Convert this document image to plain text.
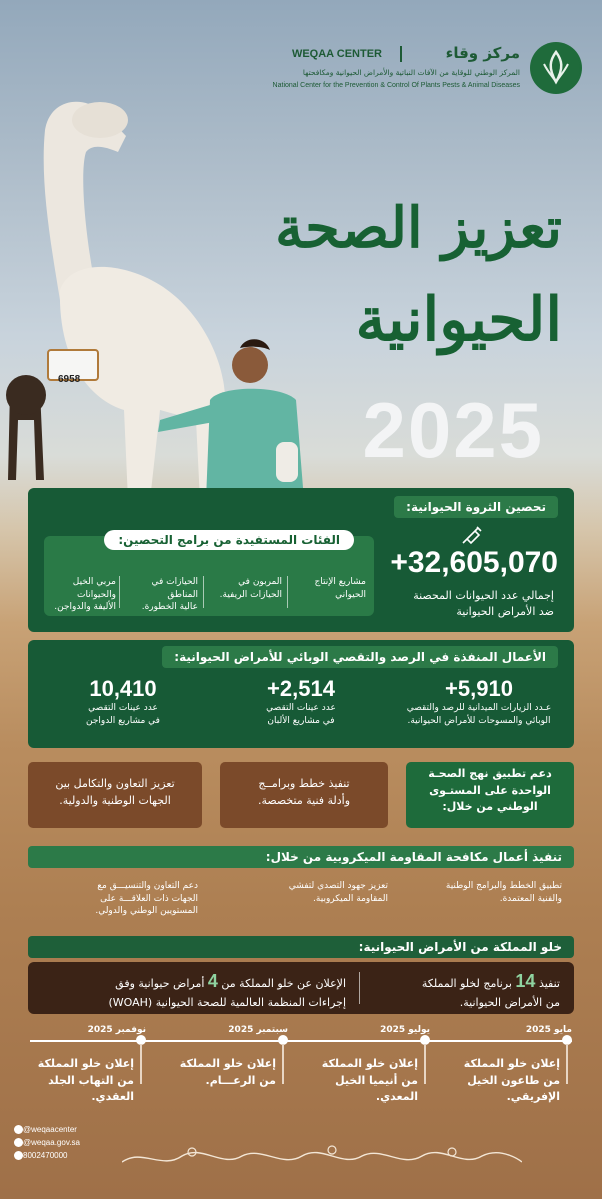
مركز وقاء
WEQAA CENTER
المركز الوطني للوقاية من الآفات النباتية والأمراض الحيوانية ومكافحتها
National Center for the Prevention & Control Of Plants Pests & Animal Diseases
6958
تعزيز الصحة
الحيوانية
2025
تحصين الثروة الحيوانية:
+32,605,070
إجمالي عدد الحيوانات المحصنة
ضد الأمراض الحيوانية
الفئات المستفيدة من برامج التحصين:
مشاريع الإنتاج
الحيواني
المربون في
الحيازات الريفية.
الحيازات في المناطق
عالية الخطورة.
مربي الخيل والحيوانات
الأليفة والدواجن.
الأعمال المنفذة في الرصد والتقصي الوبائي للأمراض الحيوانية:
+5,910
عـدد الزيارات الميدانية للرصد والتقصي
الوبائي والمسوحات للأمراض الحيوانية.
+2,514
عدد عينات التقصي
في مشاريع الألبان
10,410
عدد عينات التقصي
في مشاريع الدواجن
دعم تطبيق نهج الصحـة
الواحدة على المستـوى
الوطني من خلال:
تنفيذ خطط وبرامــج
وأدلة فنية متخصصة.
تعزيز التعاون والتكامل بين
الجهات الوطنية والدولية.
تنفيذ أعمال مكافحة المقاومة الميكروبية من خلال:
تطبيق الخطط والبرامج الوطنية
والفنية المعتمدة.
تعزيز جهود التصدي لتفشي
المقاومة الميكروبية.
دعم التعاون والتنسيـــق مع
الجهات ذات العلاقـــة على
المستويين الوطني والدولي.
خلو المملكة من الأمراض الحيوانية:
تنفيذ 14 برنامج لخلو المملكة
من الأمراض الحيوانية.
الإعلان عن خلو المملكة من 4 أمراض حيوانية وفق
إجراءات المنظمة العالمية للصحة الحيوانية (WOAH)
مايو 2025
إعلان خلو المملكة
من طاعون الخيل
الإفريقي.
يوليو 2025
إعلان خلو المملكة
من أنيميا الخيل
المعدي.
سبتمبر 2025
إعلان خلو المملكة
من الرعـــام.
نوفمبر 2025
إعلان خلو المملكة
من التهاب الجلد
العقدي.
@weqaacenter
@weqaa.gov.sa
8002470000
